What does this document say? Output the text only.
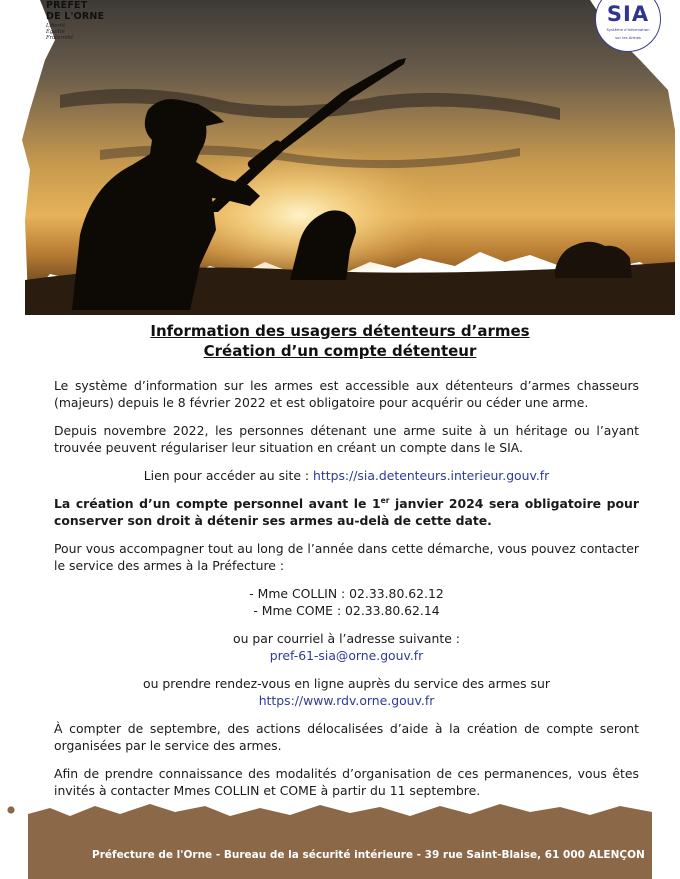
PRÉFET
DE L'ORNE
Liberté
Égalité
Fraternité
SIA
Système d'information
sur les Armes
Information des usagers détenteurs d’armes
Création d’un compte détenteur

Le système d’information sur les armes est accessible aux détenteurs d’armes chasseurs (majeurs) depuis le 8 février 2022 et est obligatoire pour acquérir ou céder une arme.

Depuis novembre 2022, les personnes détenant une arme suite à un héritage ou l’ayant trouvée peuvent régulariser leur situation en créant un compte dans le SIA.

Lien pour accéder au site : https://sia.detenteurs.interieur.gouv.fr

La création d’un compte personnel avant le 1er janvier 2024 sera obligatoire pour conserver son droit à détenir ses armes au-delà de cette date.

Pour vous accompagner tout au long de l’année dans cette démarche, vous pouvez contacter le service des armes à la Préfecture :

- Mme COLLIN : 02.33.80.62.12

- Mme COME : 02.33.80.62.14

ou par courriel à l’adresse suivante :

pref-61-sia@orne.gouv.fr

ou prendre rendez-vous en ligne auprès du service des armes sur

https://www.rdv.orne.gouv.fr

À compter de septembre, des actions délocalisées d’aide à la création de compte seront organisées par le service des armes.

Afin de prendre connaissance des modalités d’organisation de ces permanences, vous êtes invités à contacter Mmes COLLIN et COME à partir du 11 septembre.

Préfecture de l'Orne - Bureau de la sécurité intérieure - 39 rue Saint-Blaise, 61 000 ALENÇON
